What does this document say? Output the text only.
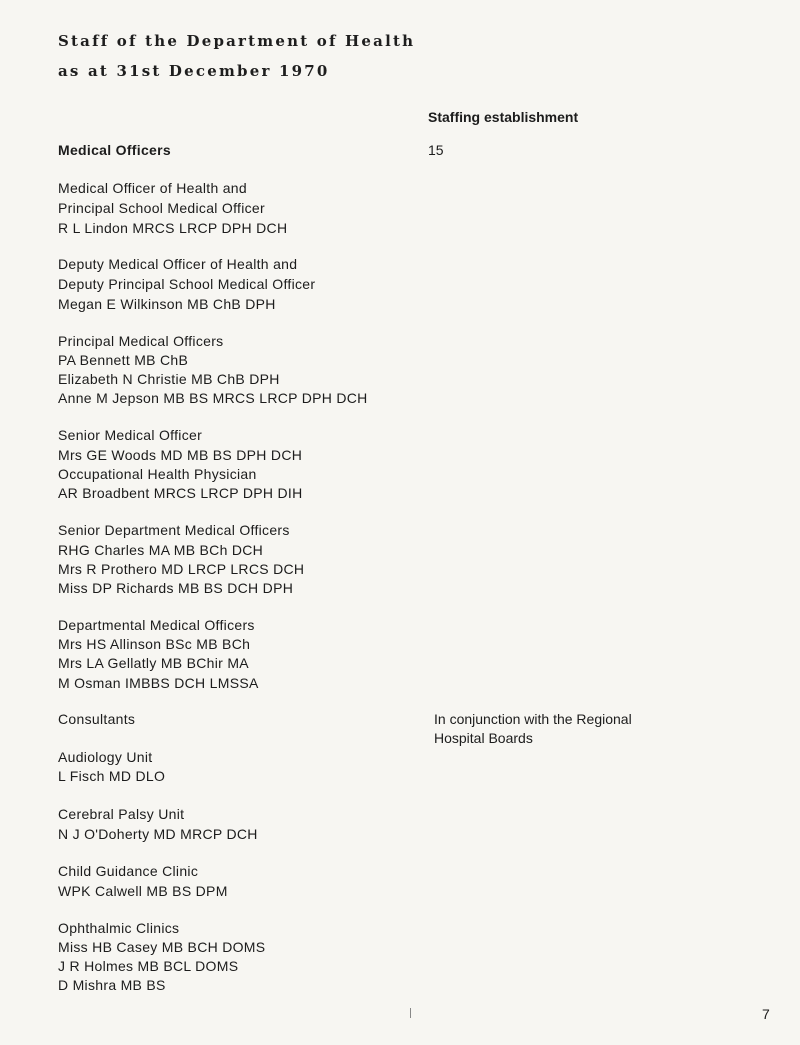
Staff of the Department of Health
as at 31st December 1970
Staffing establishment
Medical Officers	15
Medical Officer of Health and
Principal School Medical Officer
R L Lindon MRCS LRCP DPH DCH
Deputy Medical Officer of Health and
Deputy Principal School Medical Officer
Megan E Wilkinson MB ChB DPH
Principal Medical Officers
PA Bennett MB ChB
Elizabeth N Christie MB ChB DPH
Anne M Jepson MB BS MRCS LRCP DPH DCH
Senior Medical Officer
Mrs GE Woods MD MB BS DPH DCH
Occupational Health Physician
AR Broadbent MRCS LRCP DPH DIH
Senior Department Medical Officers
RHG Charles MA MB BCh DCH
Mrs R Prothero MD LRCP LRCS DCH
Miss DP Richards MB BS DCH DPH
Departmental Medical Officers
Mrs HS Allinson BSc MB BCh
Mrs LA Gellatly MB BChir MA
M Osman IMBBS DCH LMSSA
Consultants	In conjunction with the Regional
Hospital Boards
Audiology Unit
L Fisch MD DLO
Cerebral Palsy Unit
N J O'Doherty MD MRCP DCH
Child Guidance Clinic
WPK Calwell MB BS DPM
Ophthalmic Clinics
Miss HB Casey MB BCH DOMS
J R Holmes MB BCL DOMS
D Mishra MB BS
7
